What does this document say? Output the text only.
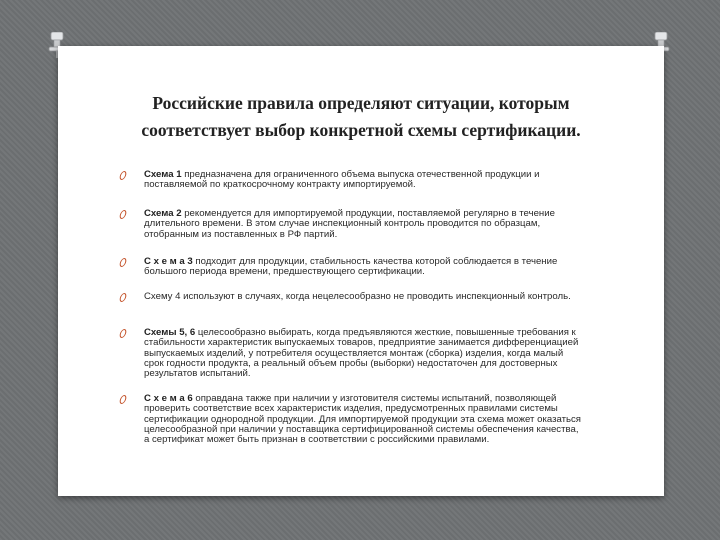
Российские правила определяют ситуации, которым
соответствует выбор конкретной схемы сертификации.
Схема 1 предназначена для ограниченного объема выпуска отечественной продукции и поставляемой по краткосрочному контракту импортируемой.
Схема 2 рекомендуется для импортируемой продукции, поставляемой регулярно в течение длительного времени. В этом случае инспекционный контроль проводится по образцам, отобранным из поставленных в РФ партий.
С х е м а 3 подходит для продукции, стабильность качества которой соблюдается в течение большого периода времени, предшествующего сертификации.
Схему 4 используют в случаях, когда нецелесообразно не проводить инспекционный контроль.
Схемы 5, 6 целесообразно выбирать, когда предъявляются жесткие, повышенные требования к стабильности характеристик выпускаемых товаров, предприятие занимается дифференциацией выпускаемых изделий, у потребителя осуществляется монтаж (сборка) изделия, когда малый срок годности продукта, а реальный объем пробы (выборки) недостаточен для достоверных результатов испытаний.
С х е м а 6 оправдана также при наличии у изготовителя системы испытаний, позволяющей проверить соответствие всех характеристик изделия, предусмотренных правилами системы сертификации однородной продукции. Для импортируемой продукции эта схема может оказаться целесообразной при наличии у поставщика сертифицированной системы обеспечения качества, а сертификат может быть признан в соответствии с российскими правилами.
